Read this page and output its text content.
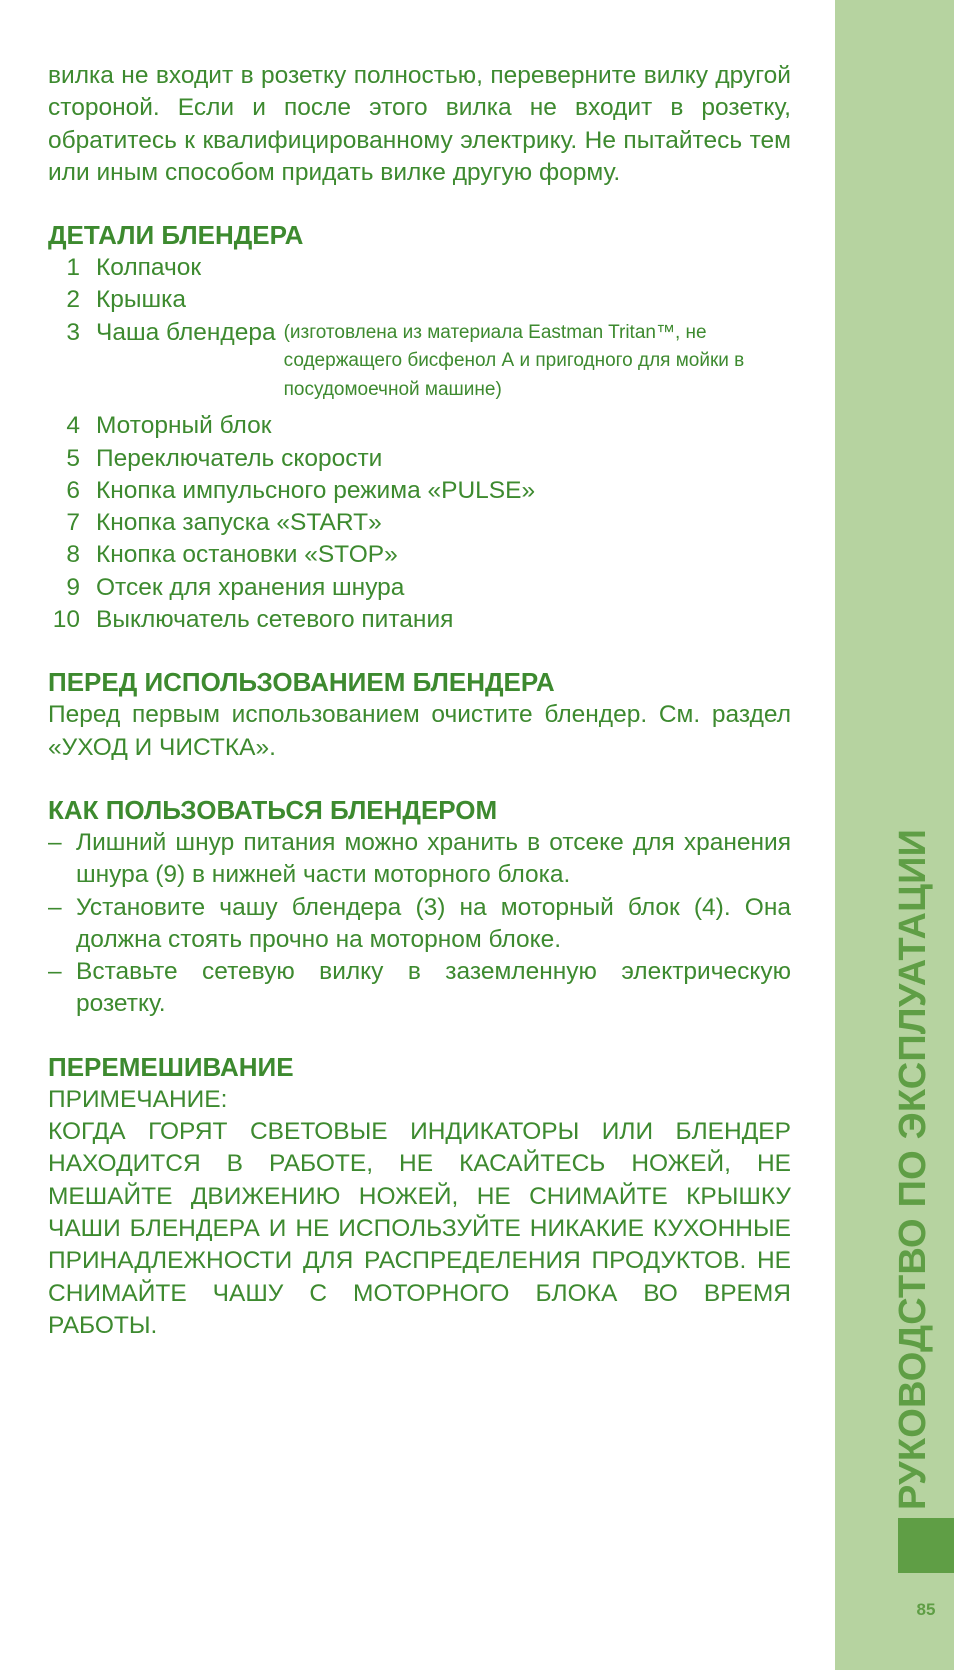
вилка не входит в розетку полностью, переверните вилку другой стороной. Если и после этого вилка не входит в розетку, обратитесь к квалифицированному электрику. Не пытайтесь тем или иным способом придать вилке другую форму.

ДЕТАЛИ БЛЕНДЕРА
1 Колпачок
2 Крышка
3 Чаша блендера (изготовлена из материала Eastman Tritan™, не содержащего бисфенол А и пригодного для мойки в посудомоечной машине)
4 Моторный блок
5 Переключатель скорости
6 Кнопка импульсного режима «PULSE»
7 Кнопка запуска «START»
8 Кнопка остановки «STOP»
9 Отсек для хранения шнура
10 Выключатель сетевого питания
ПЕРЕД ИСПОЛЬЗОВАНИЕМ БЛЕНДЕРА

Перед первым использованием очистите блендер. См. раздел «УХОД И ЧИСТКА».

КАК ПОЛЬЗОВАТЬСЯ БЛЕНДЕРОМ
– Лишний шнур питания можно хранить в отсеке для хранения шнура (9) в нижней части моторного блока.
– Установите чашу блендера (3) на моторный блок (4). Она должна стоять прочно на моторном блоке.
– Вставьте сетевую вилку в заземленную электрическую розетку.
ПЕРЕМЕШИВАНИЕ

ПРИМЕЧАНИЕ:

КОГДА ГОРЯТ СВЕТОВЫЕ ИНДИКАТОРЫ ИЛИ БЛЕНДЕР НАХОДИТСЯ В РАБОТЕ, НЕ КАСАЙТЕСЬ НОЖЕЙ, НЕ МЕШАЙТЕ ДВИЖЕНИЮ НОЖЕЙ, НЕ СНИМАЙТЕ КРЫШКУ ЧАШИ БЛЕНДЕРА И НЕ ИСПОЛЬЗУЙТЕ НИКАКИЕ КУХОННЫЕ ПРИНАДЛЕЖНОСТИ ДЛЯ РАСПРЕДЕЛЕНИЯ ПРОДУКТОВ. НЕ СНИМАЙТЕ ЧАШУ С МОТОРНОГО БЛОКА ВО ВРЕМЯ РАБОТЫ.	РУКОВОДСТВО ПО ЭКСПЛУАТАЦИИ
85
